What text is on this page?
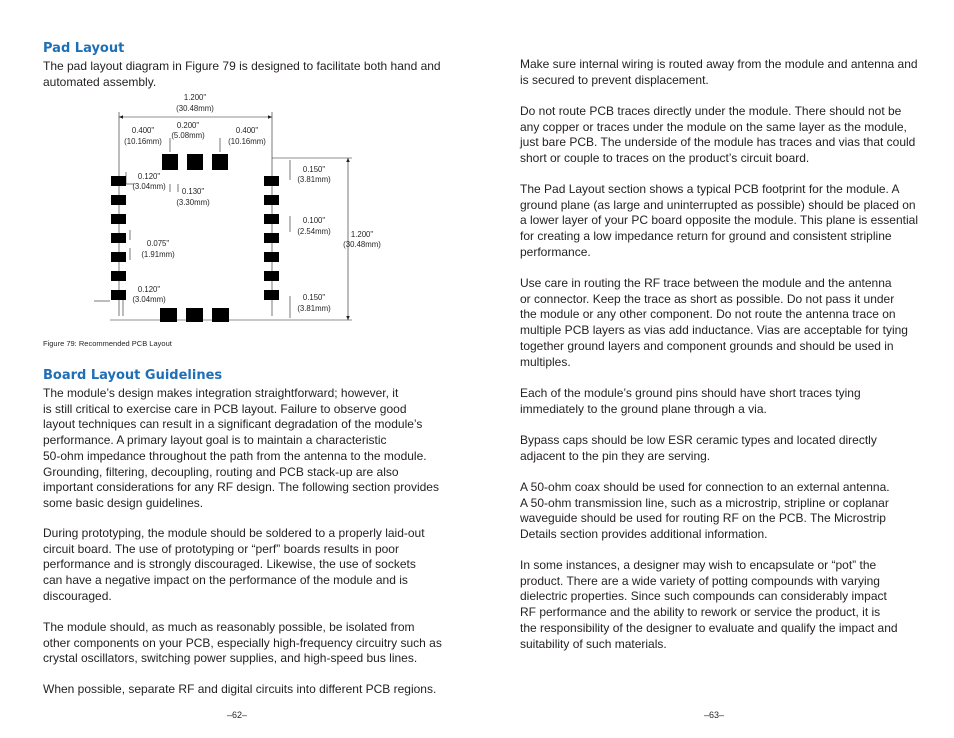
Pad Layout
The pad layout diagram in Figure 79 is designed to facilitate both hand and
automated assembly.
1.200"
(30.48mm)
0.200"
(5.08mm)
0.400"
(10.16mm)
0.400"
(10.16mm)
0.120"
(3.04mm)
0.130"
(3.30mm)
0.075"
(1.91mm)
0.120"
(3.04mm)
0.150"
(3.81mm)
0.100"
(2.54mm)	1.200"
(30.48mm)
0.150"
(3.81mm)
Figure 79: Recommended PCB Layout
Board Layout Guidelines
The module’s design makes integration straightforward; however, it
is still critical to exercise care in PCB layout. Failure to observe good
layout techniques can result in a significant degradation of the module’s
performance. A primary layout goal is to maintain a characteristic
50-ohm impedance throughout the path from the antenna to the module.
Grounding, filtering, decoupling, routing and PCB stack-up are also
important considerations for any RF design. The following section provides
some basic design guidelines.
During prototyping, the module should be soldered to a properly laid-out
circuit board. The use of prototyping or “perf” boards results in poor
performance and is strongly discouraged. Likewise, the use of sockets
can have a negative impact on the performance of the module and is
discouraged.
The module should, as much as reasonably possible, be isolated from
other components on your PCB, especially high-frequency circuitry such as
crystal oscillators, switching power supplies, and high-speed bus lines.
When possible, separate RF and digital circuits into different PCB regions.
–62–
Make sure internal wiring is routed away from the module and antenna and
is secured to prevent displacement.
Do not route PCB traces directly under the module. There should not be
any copper or traces under the module on the same layer as the module,
just bare PCB. The underside of the module has traces and vias that could
short or couple to traces on the product’s circuit board.
The Pad Layout section shows a typical PCB footprint for the module. A
ground plane (as large and uninterrupted as possible) should be placed on
a lower layer of your PC board opposite the module. This plane is essential
for creating a low impedance return for ground and consistent stripline
performance.
Use care in routing the RF trace between the module and the antenna
or connector. Keep the trace as short as possible. Do not pass it under
the module or any other component. Do not route the antenna trace on
multiple PCB layers as vias add inductance. Vias are acceptable for tying
together ground layers and component grounds and should be used in
multiples.
Each of the module’s ground pins should have short traces tying
immediately to the ground plane through a via.
Bypass caps should be low ESR ceramic types and located directly
adjacent to the pin they are serving.
A 50-ohm coax should be used for connection to an external antenna.
A 50-ohm transmission line, such as a microstrip, stripline or coplanar
waveguide should be used for routing RF on the PCB. The Microstrip
Details section provides additional information.
In some instances, a designer may wish to encapsulate or “pot” the
product. There are a wide variety of potting compounds with varying
dielectric properties. Since such compounds can considerably impact
RF performance and the ability to rework or service the product, it is
the responsibility of the designer to evaluate and qualify the impact and
suitability of such materials.
–63–
